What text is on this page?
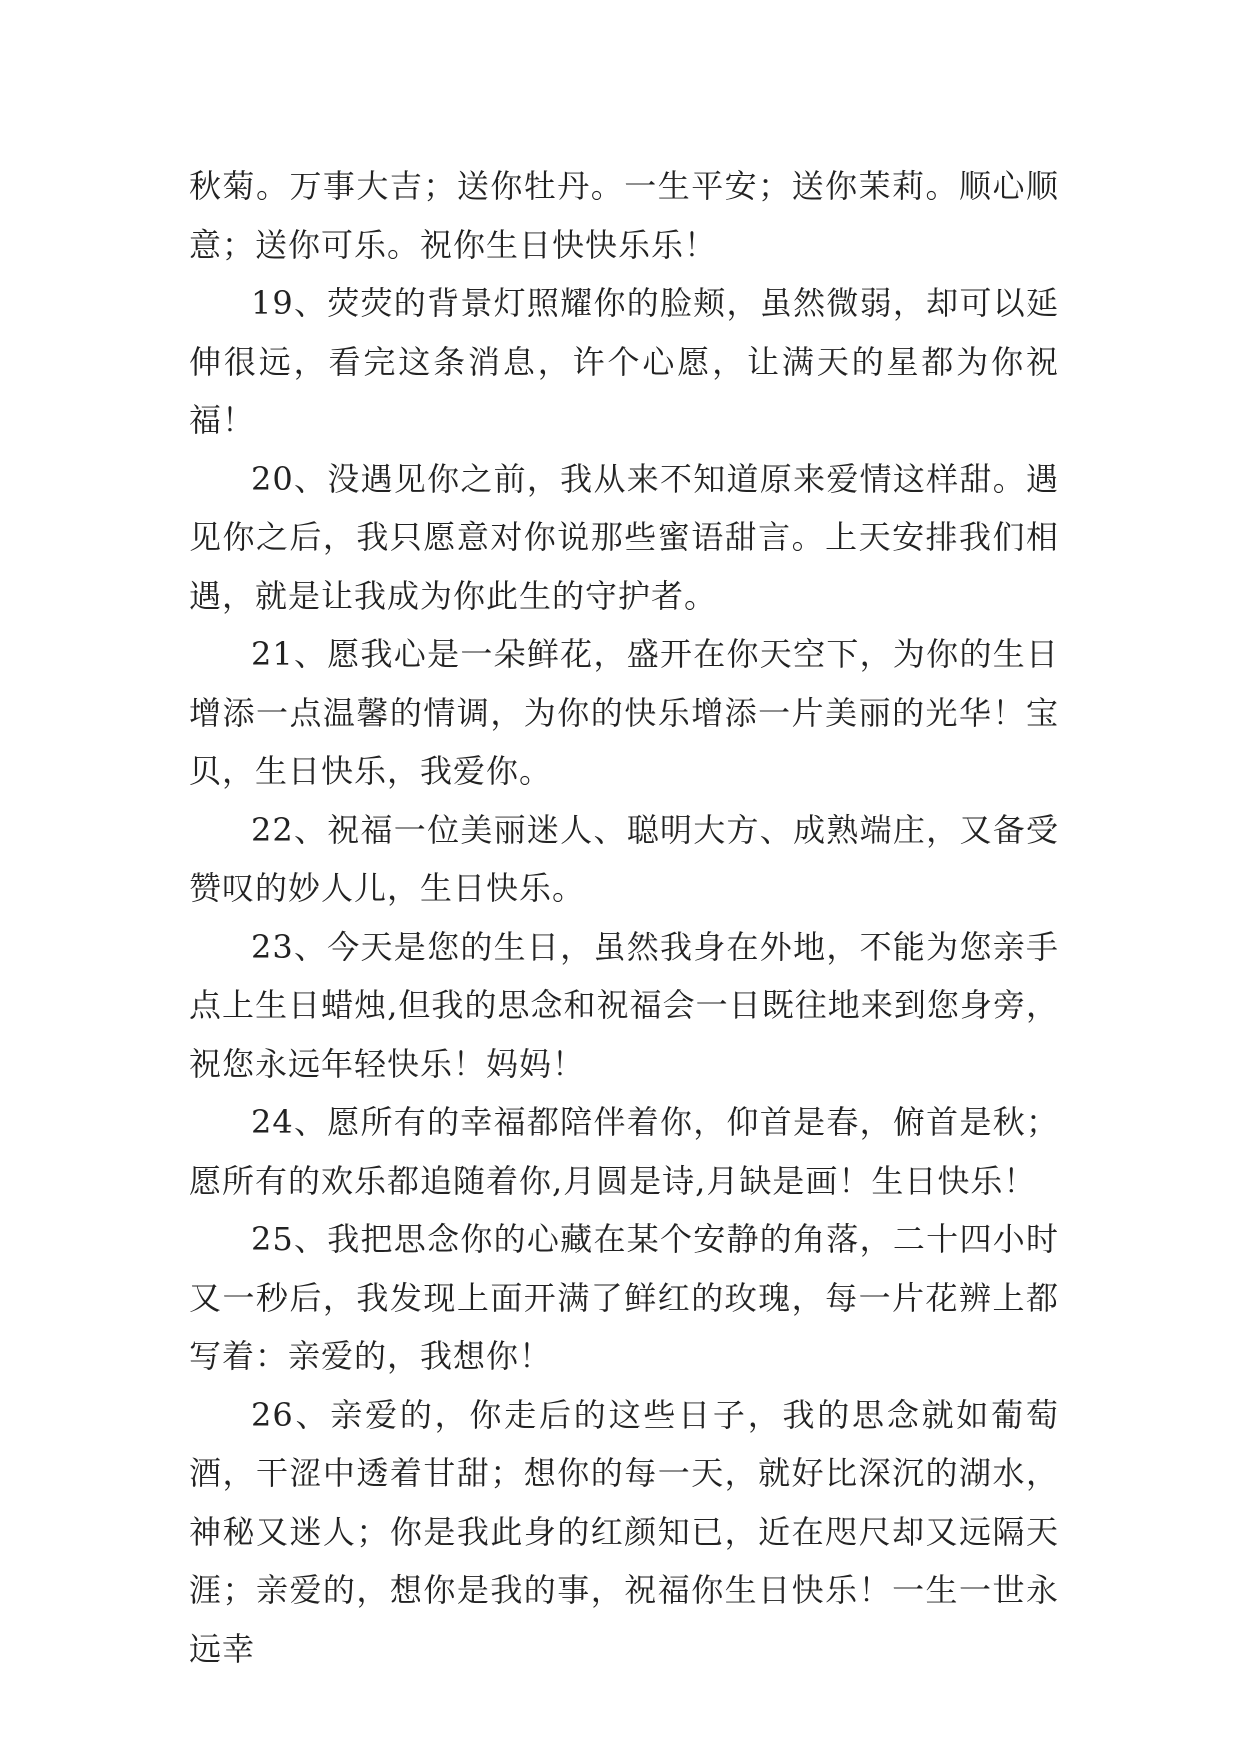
秋菊。万事大吉；送你牡丹。一生平安；送你茉莉。顺心顺意；送你可乐。祝你生日快快乐乐！

19、荧荧的背景灯照耀你的脸颊，虽然微弱，却可以延伸很远，看完这条消息，许个心愿，让满天的星都为你祝福！

20、没遇见你之前，我从来不知道原来爱情这样甜。遇见你之后，我只愿意对你说那些蜜语甜言。上天安排我们相遇，就是让我成为你此生的守护者。

21、愿我心是一朵鲜花，盛开在你天空下，为你的生日增添一点温馨的情调，为你的快乐增添一片美丽的光华！宝贝，生日快乐，我爱你。

22、祝福一位美丽迷人、聪明大方、成熟端庄，又备受赞叹的妙人儿，生日快乐。

23、今天是您的生日，虽然我身在外地，不能为您亲手点上生日蜡烛,但我的思念和祝福会一日既往地来到您身旁，祝您永远年轻快乐！妈妈！

24、愿所有的幸福都陪伴着你，仰首是春，俯首是秋；愿所有的欢乐都追随着你,月圆是诗,月缺是画！生日快乐！

25、我把思念你的心藏在某个安静的角落，二十四小时又一秒后，我发现上面开满了鲜红的玫瑰，每一片花辨上都写着：亲爱的，我想你！

26、亲爱的，你走后的这些日子，我的思念就如葡萄酒，干涩中透着甘甜；想你的每一天，就好比深沉的湖水，神秘又迷人；你是我此身的红颜知已，近在咫尺却又远隔天涯；亲爱的，想你是我的事，祝福你生日快乐！一生一世永远幸
